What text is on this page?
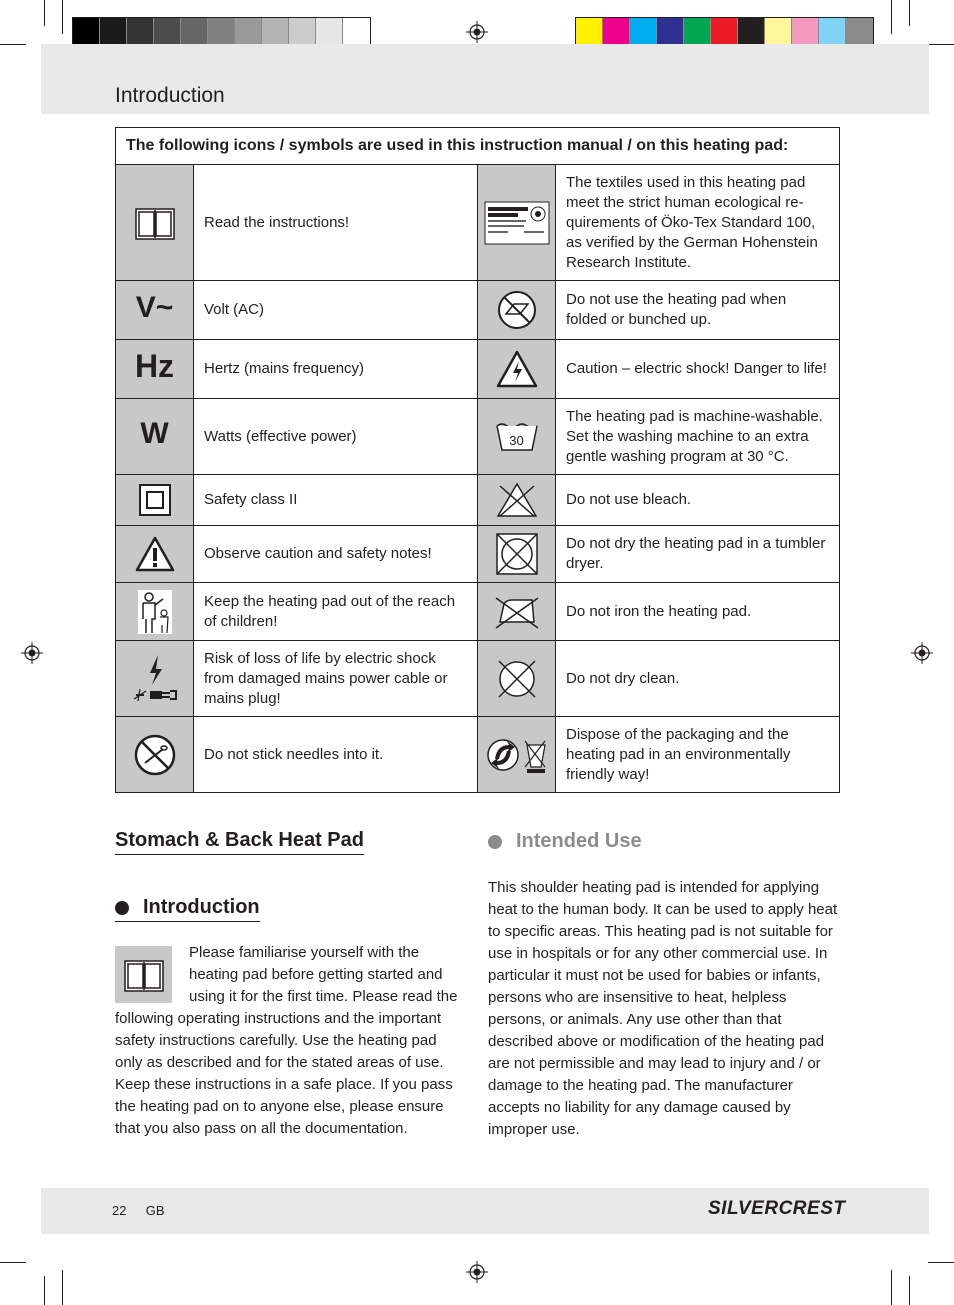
Introduction
The following icons / symbols are used in this instruction manual / on this heating pad:			

	Read the instructions!		The textiles used in this heating pad meet the strict human ecological re-quirements of Öko-Tex Standard 100, as verified by the German Hohenstein Research Institute.
V~	Volt (AC)		Do not use the heating pad when folded or bunched up.
Hz	Hertz (mains frequency)		Caution – electric shock! Danger to life!
W	Watts (effective power)	30	The heating pad is machine-washable. Set the washing machine to an extra gentle washing program at 30 °C.

	Safety class II		Do not use bleach.

	Observe caution and safety notes!		Do not dry the heating pad in a tumbler dryer.

	Keep the heating pad out of the reach of children!		Do not iron the heating pad.

	Risk of loss of life by electric shock from damaged mains power cable or mains plug!		Do not dry clean.

	Do not stick needles into it.		Dispose of the packaging and the heating pad in an environmentally friendly way!
Stomach & Back Heat Pad
Introduction
Please familiarise yourself with the heating pad before getting started and using it for the first time. Please read the following operating instructions and the important safety instructions carefully. Use the heating pad only as described and for the stated areas of use. Keep these instructions in a safe place. If you pass the heating pad on to anyone else, please ensure that you also pass on all the documentation.
Intended Use

This shoulder heating pad is intended for applying heat to the human body. It can be used to apply heat to specific areas. This heating pad is not suitable for use in hospitals or for any other commercial use. In particular it must not be used for babies or infants, persons who are insensitive to heat, helpless persons, or animals. Any use other than that described above or modification of the heating pad are not permissible and may lead to injury and / or damage to the heating pad. The manufacturer accepts no liability for any damage caused by improper use.

22 GB	SILVERCREST
